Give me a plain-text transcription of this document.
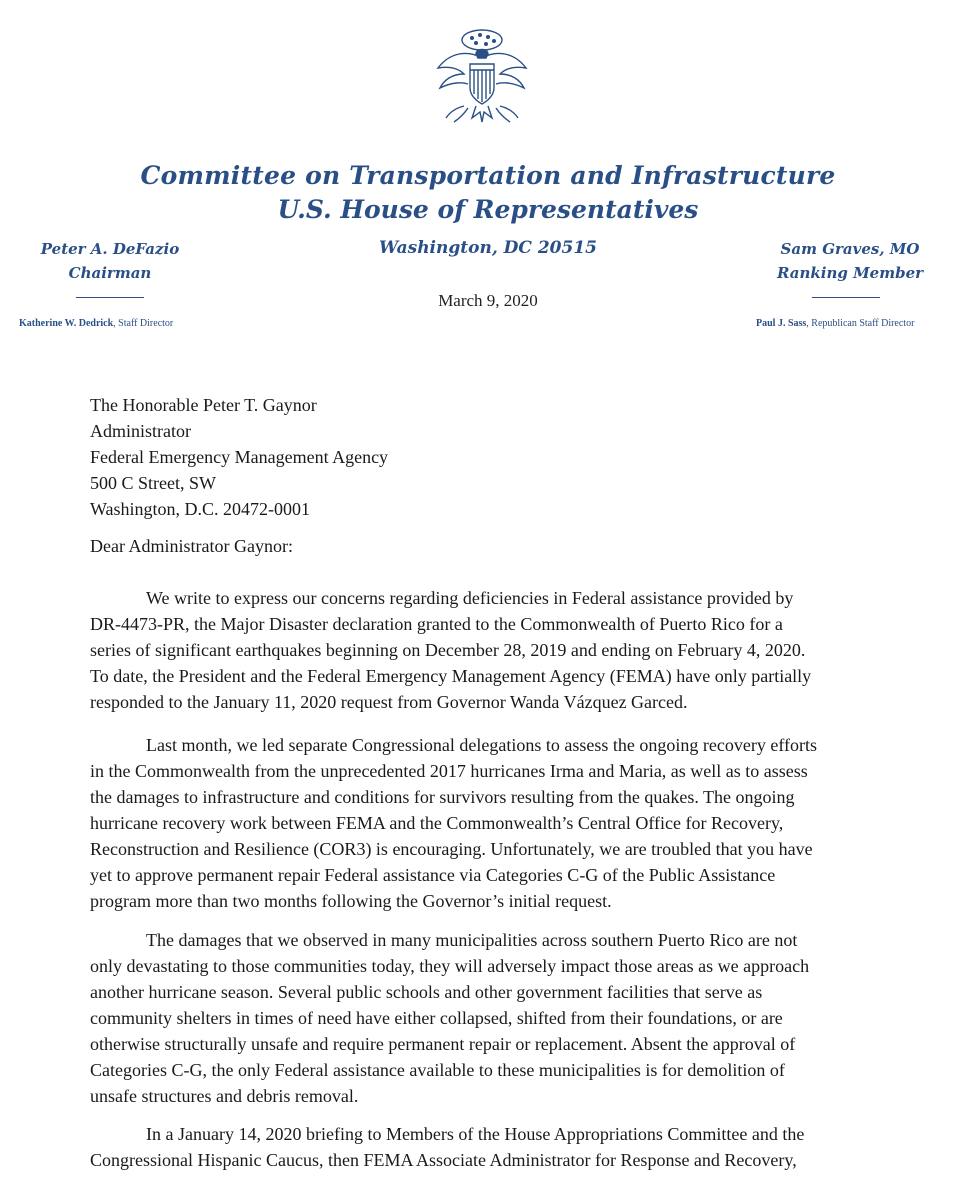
Committee on Transportation and Infrastructure
U.S. House of Representatives
Washington, DC 20515
Peter A. DeFazio
Chairman
Katherine W. Dedrick, Staff Director
Sam Graves, MO
Ranking Member
Paul J. Sass, Republican Staff Director
March 9, 2020
The Honorable Peter T. Gaynor
Administrator
Federal Emergency Management Agency
500 C Street, SW
Washington, D.C. 20472-0001
Dear Administrator Gaynor:
We write to express our concerns regarding deficiencies in Federal assistance provided by
DR-4473-PR, the Major Disaster declaration granted to the Commonwealth of Puerto Rico for a
series of significant earthquakes beginning on December 28, 2019 and ending on February 4, 2020.
To date, the President and the Federal Emergency Management Agency (FEMA) have only partially
responded to the January 11, 2020 request from Governor Wanda Vázquez Garced.
Last month, we led separate Congressional delegations to assess the ongoing recovery efforts
in the Commonwealth from the unprecedented 2017 hurricanes Irma and Maria, as well as to assess
the damages to infrastructure and conditions for survivors resulting from the quakes. The ongoing
hurricane recovery work between FEMA and the Commonwealth’s Central Office for Recovery,
Reconstruction and Resilience (COR3) is encouraging. Unfortunately, we are troubled that you have
yet to approve permanent repair Federal assistance via Categories C-G of the Public Assistance
program more than two months following the Governor’s initial request.
The damages that we observed in many municipalities across southern Puerto Rico are not
only devastating to those communities today, they will adversely impact those areas as we approach
another hurricane season. Several public schools and other government facilities that serve as
community shelters in times of need have either collapsed, shifted from their foundations, or are
otherwise structurally unsafe and require permanent repair or replacement. Absent the approval of
Categories C-G, the only Federal assistance available to these municipalities is for demolition of
unsafe structures and debris removal.
In a January 14, 2020 briefing to Members of the House Appropriations Committee and the
Congressional Hispanic Caucus, then FEMA Associate Administrator for Response and Recovery,
